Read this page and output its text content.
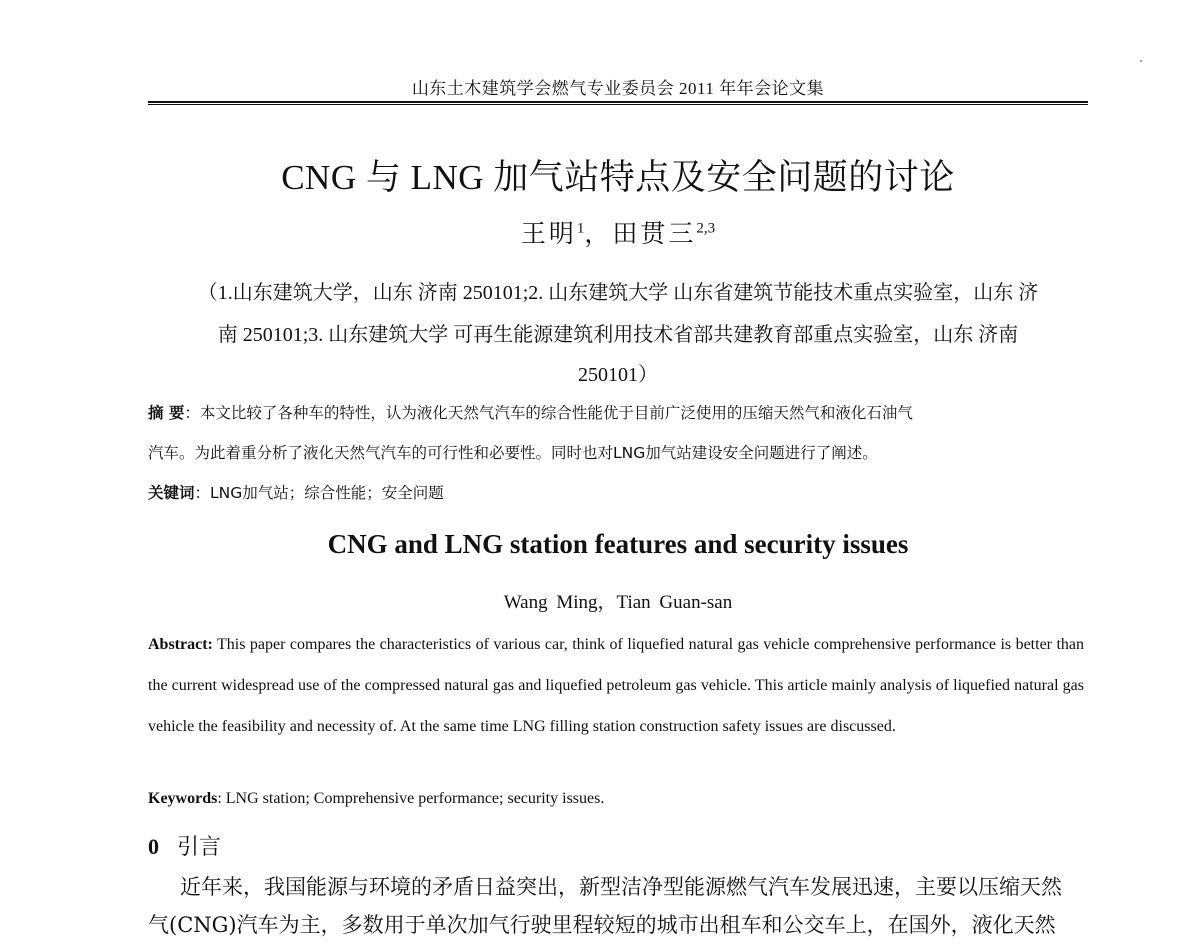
山东土木建筑学会燃气专业委员会 2011 年年会论文集
CNG 与 LNG 加气站特点及安全问题的讨论
王明$^1$，田贯三$^{2,3}$
（1.山东建筑大学，山东 济南 250101;2. 山东建筑大学 山东省建筑节能技术重点实验室，山东 济
南 250101;3. 山东建筑大学 可再生能源建筑利用技术省部共建教育部重点实验室，山东 济南
250101）
摘 要：本文比较了各种车的特性，认为液化天然气汽车的综合性能优于目前广泛使用的压缩天然气和液化石油气
汽车。为此着重分析了液化天然气汽车的可行性和必要性。同时也对LNG加气站建设安全问题进行了阐述。
关键词：LNG加气站；综合性能；安全问题
CNG and LNG station features and security issues
Wang Ming，Tian Guan-san
Abstract: This paper compares the characteristics of various car, think of liquefied natural gas vehicle comprehensive performance is better than the current widespread use of the compressed natural gas and liquefied petroleum gas vehicle. This article mainly analysis of liquefied natural gas vehicle the feasibility and necessity of. At the same time LNG filling station construction safety issues are discussed.
Keywords: LNG station; Comprehensive performance; security issues.
0 引言
近年来，我国能源与环境的矛盾日益突出，新型洁净型能源燃气汽车发展迅速，主要以压缩天然
气(CNG)汽车为主，多数用于单次加气行驶里程较短的城市出租车和公交车上，在国外，液化天然
